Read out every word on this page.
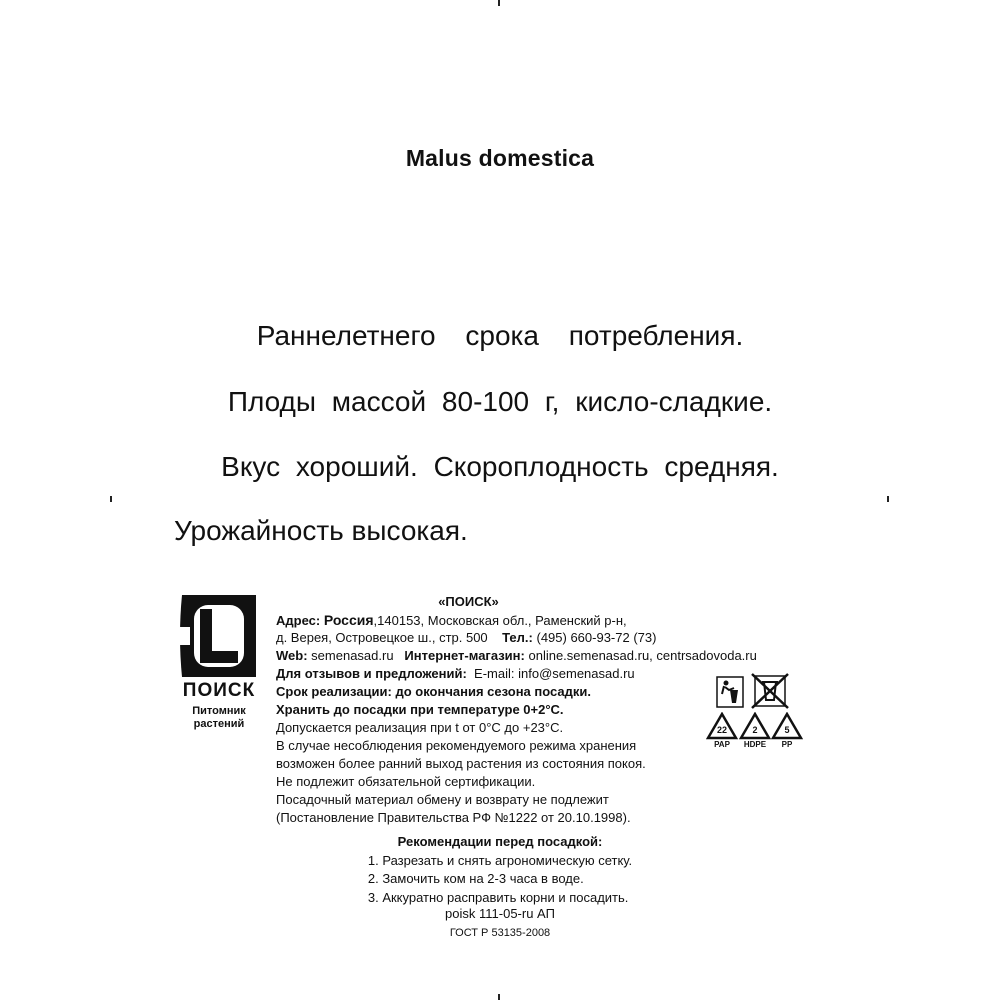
Malus domestica
Раннелетнего срока потребления.
Плоды массой 80-100 г, кисло-сладкие.
Вкус хороший. Скороплодность средняя.
Урожайность высокая.
ПОИСК
Питомник
растений
«ПОИСК»
Адрес: Россия,140153, Московская обл., Раменский р-н,
д. Верея, Островецкое ш., стр. 500 Тел.: (495) 660-93-72 (73)
Web: semenasad.ru Интернет-магазин: online.semenasad.ru, centrsadovoda.ru
Для отзывов и предложений: E-mail: info@semenasad.ru
Срок реализации: до окончания сезона посадки.
Хранить до посадки при температуре 0+2°С.
Допускается реализация при t от 0°С до +23°С.
В случае несоблюдения рекомендуемого режима хранения
возможен более ранний выход растения из состояния покоя.
Не подлежит обязательной сертификации.
Посадочный материал обмену и возврату не подлежит
(Постановление Правительства РФ №1222 от 20.10.1998).
22	2	5
PAP	HDPE	PP
Рекомендации перед посадкой:
1. Разрезать и снять агрономическую сетку.
2. Замочить ком на 2-3 часа в воде.
3. Аккуратно расправить корни и посадить.
poisk 111-05-ru АП
ГОСТ Р 53135-2008
